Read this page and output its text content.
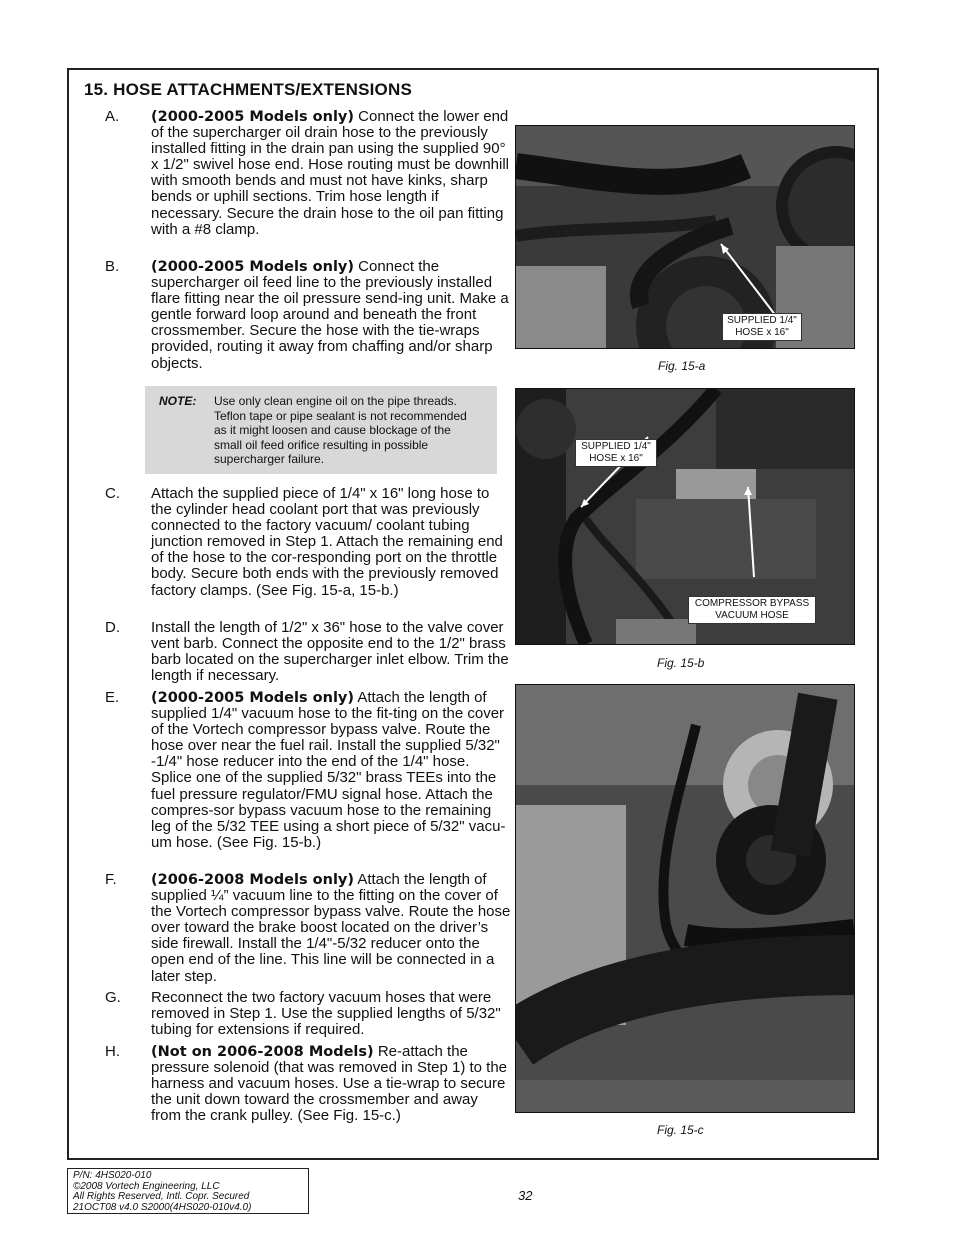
15. HOSE ATTACHMENTS/EXTENSIONS
A. (2000-2005 Models only) Connect the lower end of the supercharger oil drain hose to the previously installed fitting in the drain pan using the supplied 90° x 1/2" swivel hose end. Hose routing must be downhill with smooth bends and must not have kinks, sharp bends or uphill sections. Trim hose length if necessary. Secure the drain hose to the oil pan fitting with a #8 clamp.
B. (2000-2005 Models only) Connect the supercharger oil feed line to the previously installed flare fitting near the oil pressure send-ing unit. Make a gentle forward loop around and beneath the front crossmember. Secure the hose with the tie-wraps provided, routing it away from chaffing and/or sharp objects.
NOTE: Use only clean engine oil on the pipe threads. Teflon tape or pipe sealant is not recommended as it might loosen and cause blockage of the small oil feed orifice resulting in possible supercharger failure.
C. Attach the supplied piece of 1/4" x 16" long hose to the cylinder head coolant port that was previously connected to the factory vacuum/ coolant tubing junction removed in Step 1. Attach the remaining end of the hose to the cor-responding port on the throttle body. Secure both ends with the previously removed factory clamps. (See Fig. 15-a, 15-b.)
D. Install the length of 1/2" x 36" hose to the valve cover vent barb. Connect the opposite end to the 1/2" brass barb located on the supercharger inlet elbow. Trim the length if necessary.
E. (2000-2005 Models only) Attach the length of supplied 1/4" vacuum hose to the fit-ting on the cover of the Vortech compressor bypass valve. Route the hose over near the fuel rail. Install the supplied 5/32" -1/4" hose reducer into the end of the 1/4" hose. Splice one of the supplied 5/32" brass TEEs into the fuel pressure regulator/FMU signal hose. Attach the compres-sor bypass vacuum hose to the remaining leg of the 5/32 TEE using a short piece of 5/32" vacu-um hose. (See Fig. 15-b.)
F. (2006-2008 Models only) Attach the length of supplied ¼” vacuum line to the fitting on the cover of the Vortech compressor bypass valve. Route the hose over toward the brake boost located on the driver’s side firewall. Install the 1/4"-5/32 reducer onto the open end of the line. This line will be connected in a later step.
G. Reconnect the two factory vacuum hoses that were removed in Step 1. Use the supplied lengths of 5/32" tubing for extensions if required.
H. (Not on 2006-2008 Models) Re-attach the pressure solenoid (that was removed in Step 1) to the harness and vacuum hoses. Use a tie-wrap to secure the unit down toward the crossmember and away from the crank pulley. (See Fig. 15-c.)
SUPPLIED 1/4" HOSE x 16"
Fig. 15-a
SUPPLIED 1/4" HOSE x 16"
COMPRESSOR BYPASS VACUUM HOSE
Fig. 15-b
Fig. 15-c
P/N: 4HS020-010
©2008 Vortech Engineering, LLC
All Rights Reserved, Intl. Copr. Secured
21OCT08 v4.0 S2000(4HS020-010v4.0)
32
